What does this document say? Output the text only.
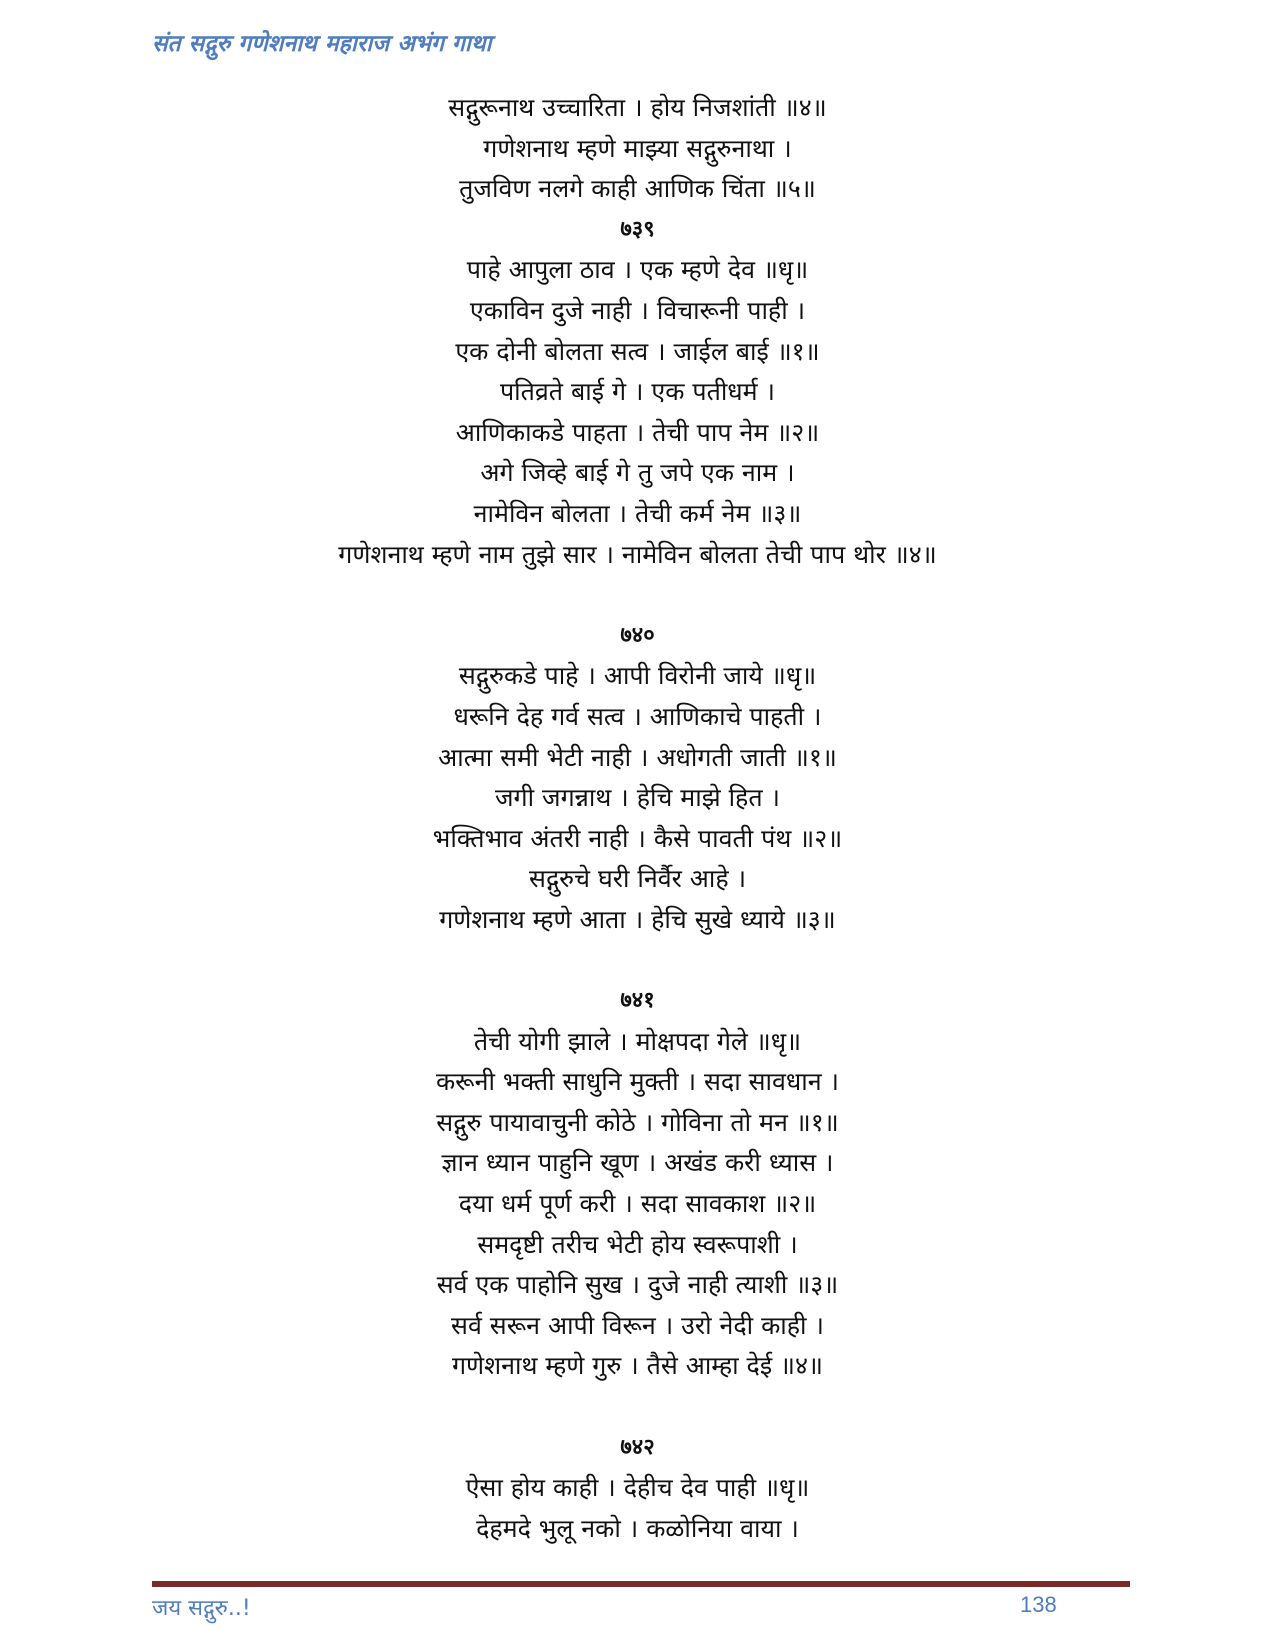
संत सद्गुरु गणेशनाथ महाराज अभंग गाथा
सद्गुरूनाथ उच्चारिता । होय निजशांती ॥४॥
गणेशनाथ म्हणे माझ्या सद्गुरुनाथा ।
तुजविण नलगे काही आणिक चिंता ॥५॥
७३९
पाहे आपुला ठाव । एक म्हणे देव ॥धृ॥
एकाविन दुजे नाही । विचारूनी पाही ।
एक दोनी बोलता सत्व । जाईल बाई ॥१॥
पतिव्रते बाई गे । एक पतीधर्म ।
आणिकाकडे पाहता । तेची पाप नेम ॥२॥
अगे जिव्हे बाई गे तु जपे एक नाम ।
नामेविन बोलता । तेची कर्म नेम ॥३॥
गणेशनाथ म्हणे नाम तुझे सार । नामेविन बोलता तेची पाप थोर ॥४॥
७४०
सद्गुरुकडे पाहे । आपी विरोनी जाये ॥धृ॥
धरूनि देह गर्व सत्व । आणिकाचे पाहती ।
आत्मा समी भेटी नाही । अधोगती जाती ॥१॥
जगी जगन्नाथ । हेचि माझे हित ।
भक्तिभाव अंतरी नाही । कैसे पावती पंथ ॥२॥
सद्गुरुचे घरी निर्वैर आहे ।
गणेशनाथ म्हणे आता । हेचि सुखे ध्याये ॥३॥
७४१
तेची योगी झाले । मोक्षपदा गेले ॥धृ॥
करूनी भक्ती साधुनि मुक्ती । सदा सावधान ।
सद्गुरु पायावाचुनी कोठे । गोविना तो मन ॥१॥
ज्ञान ध्यान पाहुनि खूण । अखंड करी ध्यास ।
दया धर्म पूर्ण करी । सदा सावकाश ॥२॥
समदृष्टी तरीच भेटी होय स्वरूपाशी ।
सर्व एक पाहोनि सुख । दुजे नाही त्याशी ॥३॥
सर्व सरून आपी विरून । उरो नेदी काही ।
गणेशनाथ म्हणे गुरु । तैसे आम्हा देई ॥४॥
७४२
ऐसा होय काही । देहीच देव पाही ॥धृ॥
देहमदे भुलू नको । कळोनिया वाया ।
जय सद्गुरु..!	138
